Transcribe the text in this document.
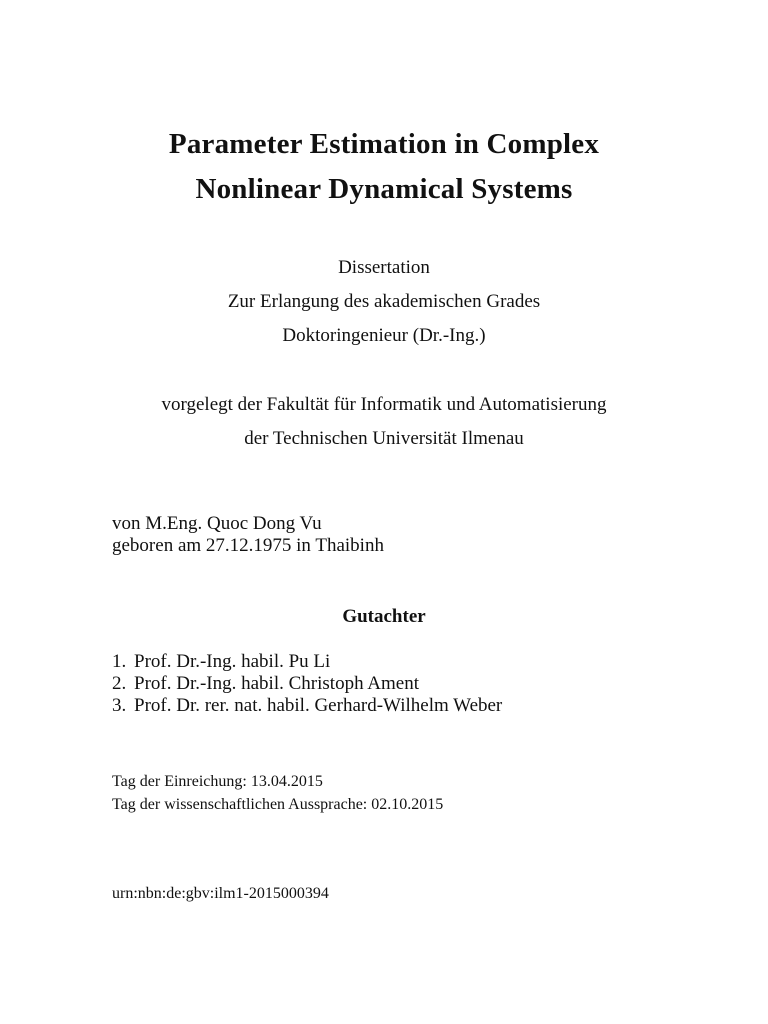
Parameter Estimation in Complex
Nonlinear Dynamical Systems
Dissertation
Zur Erlangung des akademischen Grades
Doktoringenieur (Dr.-Ing.)
vorgelegt der Fakultät für Informatik und Automatisierung
der Technischen Universität Ilmenau
von M.Eng. Quoc Dong Vu
geboren am 27.12.1975 in Thaibinh
Gutachter
1. Prof. Dr.-Ing. habil. Pu Li
2. Prof. Dr.-Ing. habil. Christoph Ament
3. Prof. Dr. rer. nat. habil. Gerhard-Wilhelm Weber
Tag der Einreichung: 13.04.2015
Tag der wissenschaftlichen Aussprache: 02.10.2015
urn:nbn:de:gbv:ilm1-2015000394
